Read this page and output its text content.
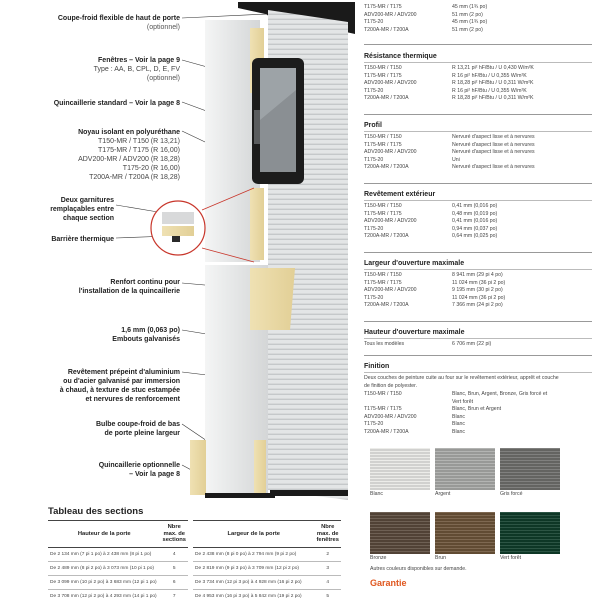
Coupe-froid flexible de haut de porte
(optionnel)
Fenêtres – Voir la page 9
Type : AA, B, CPL, D, E, FV
(optionnel)
Quincaillerie standard – Voir la page 8
Noyau isolant en polyuréthane
T150-MR / T150 (R 13,21)
T175-MR / T175 (R 16,00)
ADV200-MR / ADV200 (R 18,28)
T175-20 (R 16,00)
T200A-MR / T200A (R 18,28)
Deux garnitures
remplaçables entre
chaque section
Barrière thermique
Renfort continu pour
l'installation de la quincaillerie
1,6 mm (0,063 po)
Embouts galvanisés
Revêtement prépeint d'aluminium
ou d'acier galvanisé par immersion
à chaud, à texture de stuc estampée
et nervures de renforcement
Bulbe coupe-froid de bas
de porte pleine largeur
Quincaillerie optionnelle
– Voir la page 8
T175-MR / T175	45 mm (1¾ po)
ADV200-MR / ADV200	51 mm (2 po)
T175-20	45 mm (1¾ po)
T200A-MR / T200A	51 mm (2 po)
Résistance thermique
T150-MR / T150	R 13,21 pi² hF/Btu / U 0,430 W/m²K
T175-MR / T175	R 16 pi² hF/Btu / U 0,355 W/m²K
ADV200-MR / ADV200	R 18,28 pi² hF/Btu / U 0,311 W/m²K
T175-20	R 16 pi² hF/Btu / U 0,355 W/m²K
T200A-MR / T200A	R 18,28 pi² hF/Btu / U 0,311 W/m²K
Profil
T150-MR / T150	Nervuré d'aspect lisse et à nervures
T175-MR / T175	Nervuré d'aspect lisse et à nervures
ADV200-MR / ADV200	Nervuré d'aspect lisse et à nervures
T175-20	Uni
T200A-MR / T200A	Nervuré d'aspect lisse et à nervures
Revêtement extérieur
T150-MR / T150	0,41 mm (0,016 po)
T175-MR / T175	0,48 mm (0,019 po)
ADV200-MR / ADV200	0,41 mm (0,016 po)
T175-20	0,94 mm (0,037 po)
T200A-MR / T200A	0,64 mm (0,025 po)
Largeur d'ouverture maximale
T150-MR / T150	8 941 mm (29 pi 4 po)
T175-MR / T175	11 024 mm (36 pi 2 po)
ADV200-MR / ADV200	9 195 mm (30 pi 2 po)
T175-20	11 024 mm (36 pi 2 po)
T200A-MR / T200A	7 366 mm (24 pi 2 po)
Hauteur d'ouverture maximale
Tous les modèles	6 706 mm (22 pi)
Finition
Deux couches de peinture cuite au four sur le revêtement extérieur, apprêt et couche
de finition de polyester.
T150-MR / T150	Blanc, Brun, Argent, Bronze, Gris forcé et
Vert forêt
T175-MR / T175	Blanc, Brun et Argent
ADV200-MR / ADV200	Blanc
T175-20	Blanc
T200A-MR / T200A	Blanc
Blanc	Argent	Gris forcé
Bronze	Brun	Vert forêt
Autres couleurs disponibles sur demande.
Garantie
Tableau des sections
Hauteur de la porte	Nbre max. de sections
De 2 134 mm (7 pi 1 po) à 2 438 mm (8 pi 1 po)	4
De 2 489 mm (8 pi 2 po) à 3 073 mm (10 pi 1 po)	5
De 3 099 mm (10 pi 2 po) à 3 683 mm (12 pi 1 po)	6
De 3 708 mm (12 pi 2 po) à 4 293 mm (14 pi 1 po)	7
Largeur de la porte	Nbre max. de fenêtres
De 2 438 mm (8 pi 0 po) à 2 794 mm (9 pi 2 po)	2
De 2 819 mm (9 pi 3 po) à 3 709 mm (12 pi 2 po)	3
De 3 734 mm (12 pi 3 po) à 4 928 mm (16 pi 2 po)	4
De 4 953 mm (16 pi 3 po) à 5 842 mm (19 pi 2 po)	5
